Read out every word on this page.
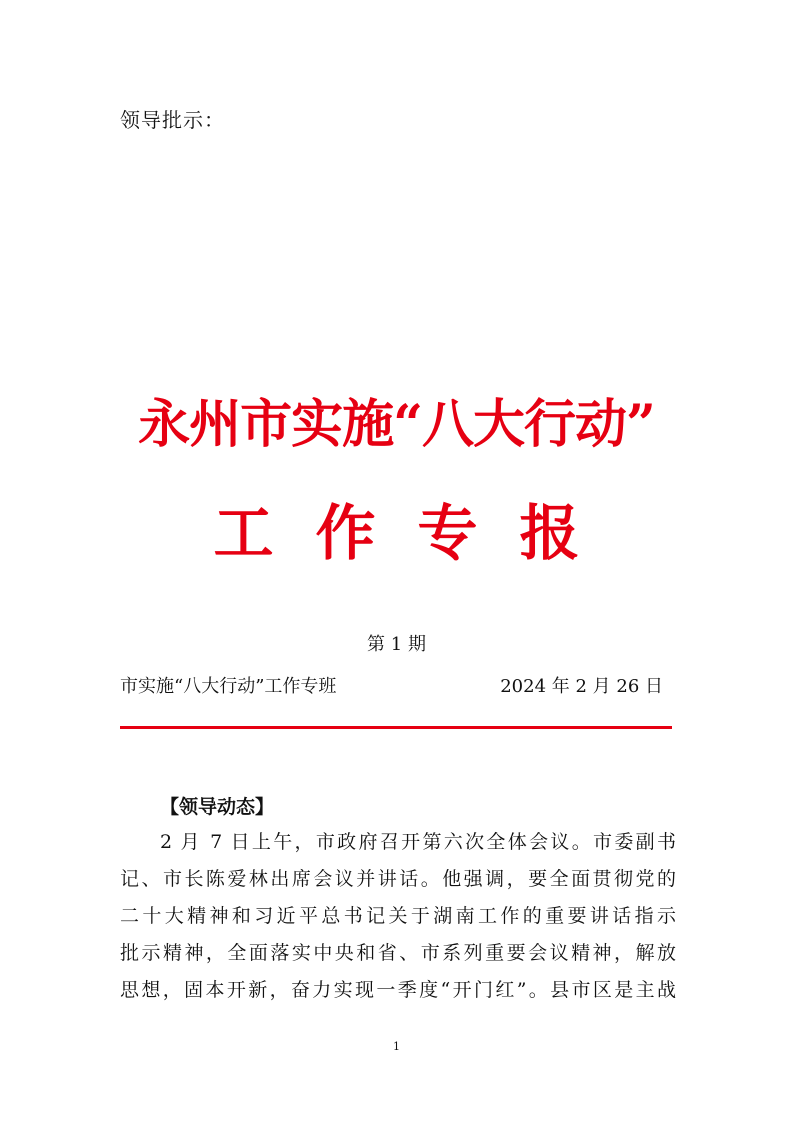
领导批示：
永州市实施“八大行动”
工作专报
第 1 期
市实施“八大行动”工作专班	2024 年 2 月 26 日
【领导动态】
2 月 7 日上午，市政府召开第六次全体会议。市委副书
记、市长陈爱林出席会议并讲话。他强调，要全面贯彻党的
二十大精神和习近平总书记关于湖南工作的重要讲话指示
批示精神，全面落实中央和省、市系列重要会议精神，解放
思想，固本开新，奋力实现一季度“开门红”。县市区是主战
1
